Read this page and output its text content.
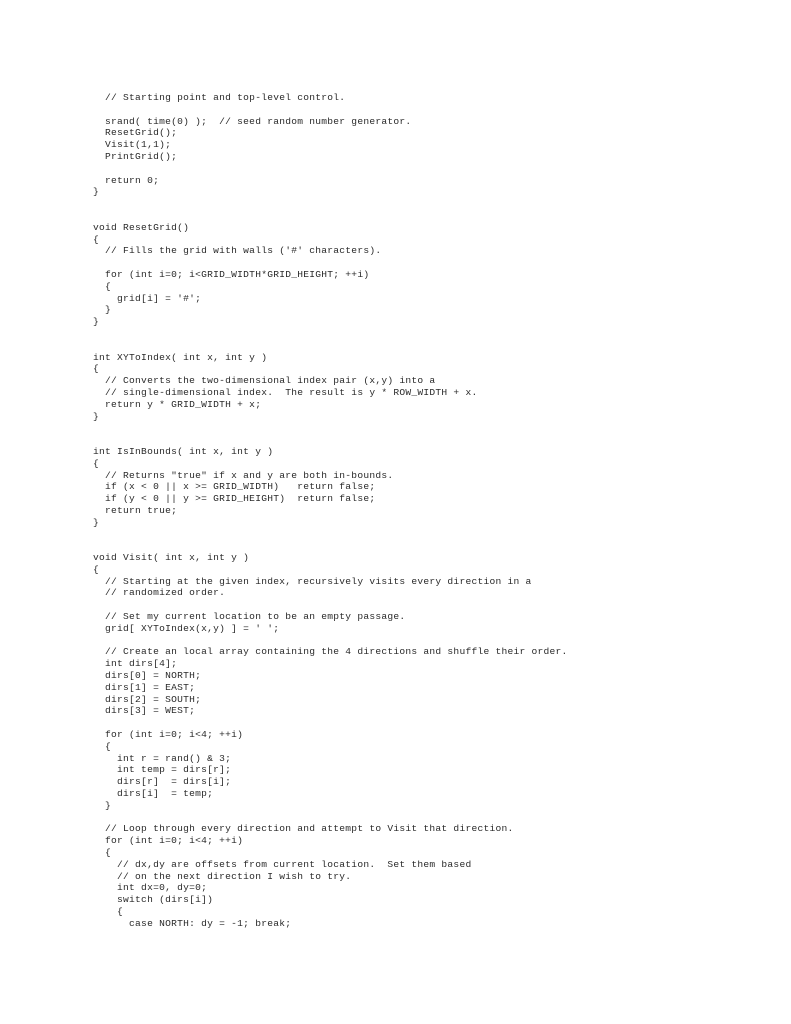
// Starting point and top-level control.
srand( time(0) );  // seed random number generator.
ResetGrid();
Visit(1,1);
PrintGrid();
return 0;
}
void ResetGrid()
{
// Fills the grid with walls ('#' characters).
for (int i=0; i<GRID_WIDTH*GRID_HEIGHT; ++i)
{
grid[i] = '#';
}
}
int XYToIndex( int x, int y )
{
// Converts the two-dimensional index pair (x,y) into a
// single-dimensional index.  The result is y * ROW_WIDTH + x.
return y * GRID_WIDTH + x;
}
int IsInBounds( int x, int y )
{
// Returns "true" if x and y are both in-bounds.
if (x < 0 || x >= GRID_WIDTH)   return false;
if (y < 0 || y >= GRID_HEIGHT)  return false;
return true;
}
void Visit( int x, int y )
{
// Starting at the given index, recursively visits every direction in a
// randomized order.
// Set my current location to be an empty passage.
grid[ XYToIndex(x,y) ] = ' ';
// Create an local array containing the 4 directions and shuffle their order.
int dirs[4];
dirs[0] = NORTH;
dirs[1] = EAST;
dirs[2] = SOUTH;
dirs[3] = WEST;
for (int i=0; i<4; ++i)
{
int r = rand() & 3;
int temp = dirs[r];
dirs[r]  = dirs[i];
dirs[i]  = temp;
}
// Loop through every direction and attempt to Visit that direction.
for (int i=0; i<4; ++i)
{
// dx,dy are offsets from current location.  Set them based
// on the next direction I wish to try.
int dx=0, dy=0;
switch (dirs[i])
{
case NORTH: dy = -1; break;
